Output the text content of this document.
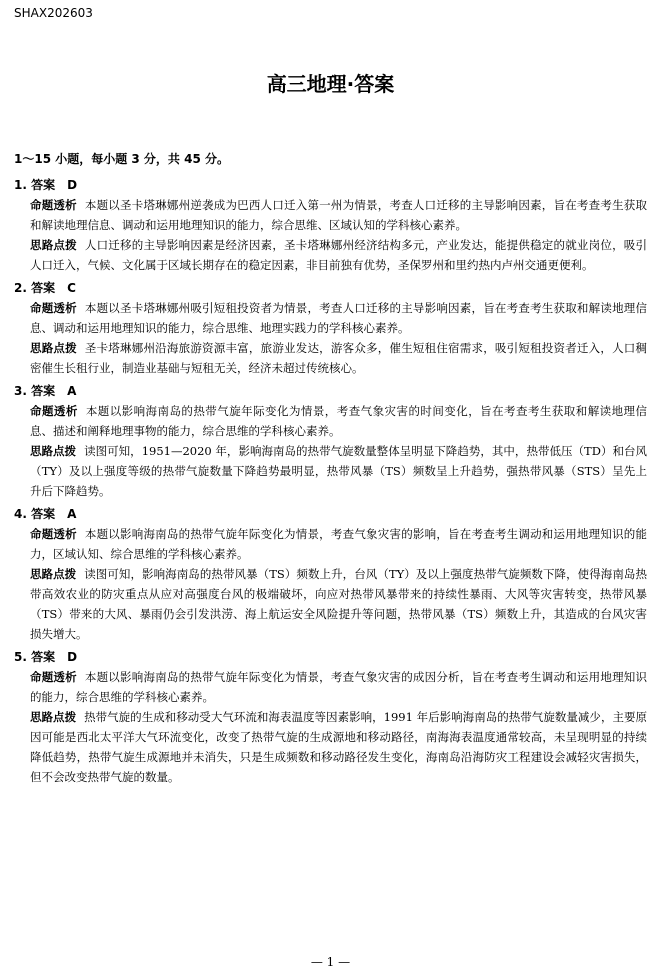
SHAX202603
高三地理·答案
1～15 小题，每小题 3 分，共 45 分。
1. 答案　D
命题透析 本题以圣卡塔琳娜州逆袭成为巴西人口迁入第一州为情景，考查人口迁移的主导影响因素，旨在考查考生获取和解读地理信息、调动和运用地理知识的能力，综合思维、区域认知的学科核心素养。
思路点拨 人口迁移的主导影响因素是经济因素，圣卡塔琳娜州经济结构多元，产业发达，能提供稳定的就业岗位，吸引人口迁入，气候、文化属于区域长期存在的稳定因素，非目前独有优势，圣保罗州和里约热内卢州交通更便利。
2. 答案　C
命题透析 本题以圣卡塔琳娜州吸引短租投资者为情景，考查人口迁移的主导影响因素，旨在考查考生获取和解读地理信息、调动和运用地理知识的能力，综合思维、地理实践力的学科核心素养。
思路点拨 圣卡塔琳娜州沿海旅游资源丰富，旅游业发达，游客众多，催生短租住宿需求，吸引短租投资者迁入，人口稠密催生长租行业，制造业基础与短租无关，经济未超过传统核心。
3. 答案　A
命题透析 本题以影响海南岛的热带气旋年际变化为情景，考查气象灾害的时间变化，旨在考查考生获取和解读地理信息、描述和阐释地理事物的能力，综合思维的学科核心素养。
思路点拨 读图可知，1951—2020 年，影响海南岛的热带气旋数量整体呈明显下降趋势，其中，热带低压（TD）和台风（TY）及以上强度等级的热带气旋数量下降趋势最明显，热带风暴（TS）频数呈上升趋势，强热带风暴（STS）呈先上升后下降趋势。
4. 答案　A
命题透析 本题以影响海南岛的热带气旋年际变化为情景，考查气象灾害的影响，旨在考查考生调动和运用地理知识的能力，区域认知、综合思维的学科核心素养。
思路点拨 读图可知，影响海南岛的热带风暴（TS）频数上升，台风（TY）及以上强度热带气旋频数下降，使得海南岛热带高效农业的防灾重点从应对高强度台风的极端破坏，向应对热带风暴带来的持续性暴雨、大风等灾害转变，热带风暴（TS）带来的大风、暴雨仍会引发洪涝、海上航运安全风险提升等问题，热带风暴（TS）频数上升，其造成的台风灾害损失增大。
5. 答案　D
命题透析 本题以影响海南岛的热带气旋年际变化为情景，考查气象灾害的成因分析，旨在考查考生调动和运用地理知识的能力，综合思维的学科核心素养。
思路点拨 热带气旋的生成和移动受大气环流和海表温度等因素影响，1991 年后影响海南岛的热带气旋数量减少，主要原因可能是西北太平洋大气环流变化，改变了热带气旋的生成源地和移动路径，南海海表温度通常较高，未呈现明显的持续降低趋势，热带气旋生成源地并未消失，只是生成频数和移动路径发生变化，海南岛沿海防灾工程建设会减轻灾害损失，但不会改变热带气旋的数量。
— 1 —
